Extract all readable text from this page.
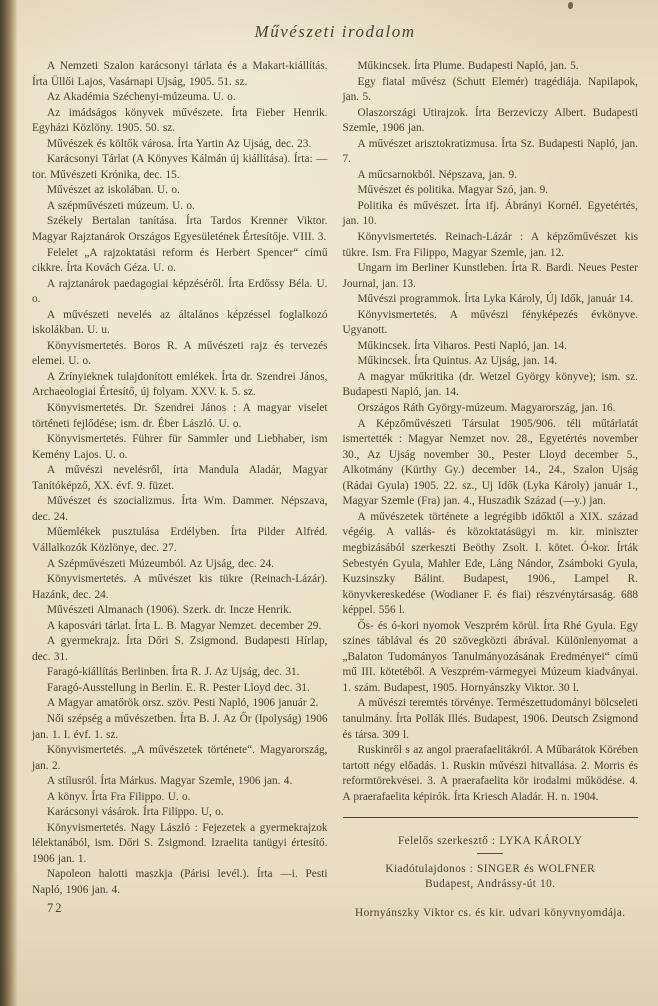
Művészeti irodalom

A Nemzeti Szalon karácsonyi tárlata és a Makart-kiállítás. Írta Üllői Lajos, Vasárnapi Ujság, 1905. 51. sz.

Az Akadémia Széchenyi-múzeuma. U. o.

Az imádságos könyvek művészete. Írta Fieber Henrik. Egyházi Közlöny. 1905. 50. sz.

Művészek és költők városa. Írta Yartin Az Ujság, dec. 23.

Karácsonyi Tárlat (A Könyves Kálmán új kiállítása). Írta: —tor. Művészeti Krónika, dec. 15.

Művészet az iskolában. U. o.

A szépművészeti múzeum. U. o.

Székely Bertalan tanítása. Írta Tardos Krenner Viktor. Magyar Rajztanárok Országos Egyesületének Értesítője. VIII. 3.

Felelet „A rajzoktatási reform és Herbert Spencer“ című cikkre. Írta Kovách Géza. U. o.

A rajztanárok paedagogiai képzéséről. Írta Erdőssy Béla. U. o.

A művészeti nevelés az általános képzéssel foglalkozó iskolákban. U. u.

Könyvismertetés. Boros R. A művészeti rajz és tervezés elemei. U. o.

A Zrínyieknek tulajdonított emlékek. Írta dr. Szendrei János, Archaeologiai Értesítő, új folyam. XXV. k. 5. sz.

Könyvismertetés. Dr. Szendrei János : A magyar viselet történeti fejlődése; ism. dr. Éber László. U. o.

Könyvismertetés. Führer für Sammler und Liebhaber, ism Kemény Lajos. U. o.

A művészi nevelésről, írta Mandula Aladár, Magyar Tanítóképző, XX. évf. 9. füzet.

Művészet és szocializmus. Írta Wm. Dammer. Népszava, dec. 24.

Műemlékek pusztulása Erdélyben. Írta Pilder Alfréd. Vállalkozók Közlönye, dec. 27.

A Szépművészeti Múzeumból. Az Ujság, dec. 24.

Könyvismertetés. A művészet kis tükre (Reinach-Lázár). Hazánk, dec. 24.

Művészeti Almanach (1906). Szerk. dr. Incze Henrik.

A kaposvári tárlat. Írta L. B. Magyar Nemzet. december 29.

A gyermekrajz. Írta Dőri S. Zsigmond. Budapesti Hírlap, dec. 31.

Faragó-kiállítás Berlinben. Írta R. J. Az Ujság, dec. 31.

Faragó-Ausstellung in Berlin. E. R. Pester Lloyd dec. 31.

A Magyar amatőrök orsz. szöv. Pesti Napló, 1906 január 2.

Női szépség a művészetben. Írta B. J. Az Őr (Ipolyság) 1906 jan. 1. I. évf. 1. sz.

Könyvismertetés. „A művészetek története“. Magyarország, jan. 2.

A stílusról. Írta Márkus. Magyar Szemle, 1906 jan. 4.

A könyv. Írta Fra Filippo. U. o.

Karácsonyi vásárok. Írta Filippo. U, o.

Könyvismertetés. Nagy László : Fejezetek a gyermekrajzok lélektanából, ism. Dőri S. Zsigmond. Izraelita tanügyi értesítő. 1906 jan. 1.

Napoleon halotti maszkja (Párisi levél.). Írta —i. Pesti Napló, 1906 jan. 4.

72

Műkincsek. Írta Plume. Budapesti Napló, jan. 5.

Egy fiatal művész (Schutt Elemér) tragédiája. Napilapok, jan. 5.

Olaszországi Utirajzok. Írta Berzeviczy Albert. Budapesti Szemle, 1906 jan.

A művészet arisztokratizmusa. Írta Sz. Budapesti Napló, jan. 7.

A műcsarnokból. Népszava, jan. 9.

Művészet és politika. Magyar Szó, jan. 9.

Politika és művészet. Írta ifj. Ábrányi Kornél. Egyetértés, jan. 10.

Könyvismertetés. Reinach-Lázár : A képzőművészet kis tükre. Ism. Fra Filippo, Magyar Szemle, jan. 12.

Ungarn im Berliner Kunstleben. Írta R. Bardi. Neues Pester Journal, jan. 13.

Művészi programmok. Írta Lyka Károly, Új Idők, január 14.

Könyvismertetés. A művészi fényképezés évkönyve. Ugyanott.

Műkincsek. Írta Viharos. Pesti Napló, jan. 14.

Műkincsek. Írta Quintus. Az Ujság, jan. 14.

A magyar műkritika (dr. Wetzel György könyve); ism. sz. Budapesti Napló, jan. 14.

Országos Ráth György-múzeum. Magyarország, jan. 16.

A Képzőművészeti Társulat 1905/906. téli műtárlatát ismertették : Magyar Nemzet nov. 28., Egyetértés november 30., Az Ujság november 30., Pester Lloyd december 5., Alkotmány (Kürthy Gy.) december 14., 24., Szalon Ujság (Rádai Gyula) 1905. 22. sz., Uj Idők (Lyka Károly) január 1., Magyar Szemle (Fra) jan. 4., Huszadik Század (—y.) jan.

A művészetek története a legrégibb időktől a XIX. század végéig. A vallás- és közoktatásügyi m. kir. miniszter megbizásából szerkeszti Beöthy Zsolt. I. kötet. Ó-kor. Írták Sebestyén Gyula, Mahler Ede, Láng Nándor, Zsámboki Gyula, Kuzsinszky Bálint. Budapest, 1906., Lampel R. könyvkereskedése (Wodianer F. és fiai) részvénytársaság. 688 képpel. 556 l.

Ős- és ó-kori nyomok Veszprém körül. Írta Rhé Gyula. Egy szines táblával és 20 szövegközti ábrával. Különlenyomat a „Balaton Tudományos Tanulmányozásának Eredményei“ című mű III. kötetéből. A Veszprém-vármegyei Múzeum kiadványai. 1. szám. Budapest, 1905. Hornyánszky Viktor. 30 l.

A művészi teremtés törvénye. Természettudományi bölcseleti tanulmány. Írta Pollák Illés. Budapest, 1906. Deutsch Zsigmond és társa. 309 l.

Ruskinről s az angol praerafaelitákról. A Műbarátok Körében tartott négy előadás. 1. Ruskin művészi hitvallása. 2. Morris és reformtörekvései. 3. A praerafaelita kör irodalmi működése. 4. A praerafaelita képirók. Írta Kriesch Aladár. H. n. 1904.

Felelős szerkesztő : LYKA KÁROLY

Kiadótulajdonos : SINGER és WOLFNER

Budapest, Andrássy-út 10.

Hornyánszky Viktor cs. és kir. udvari könyvnyomdája.
